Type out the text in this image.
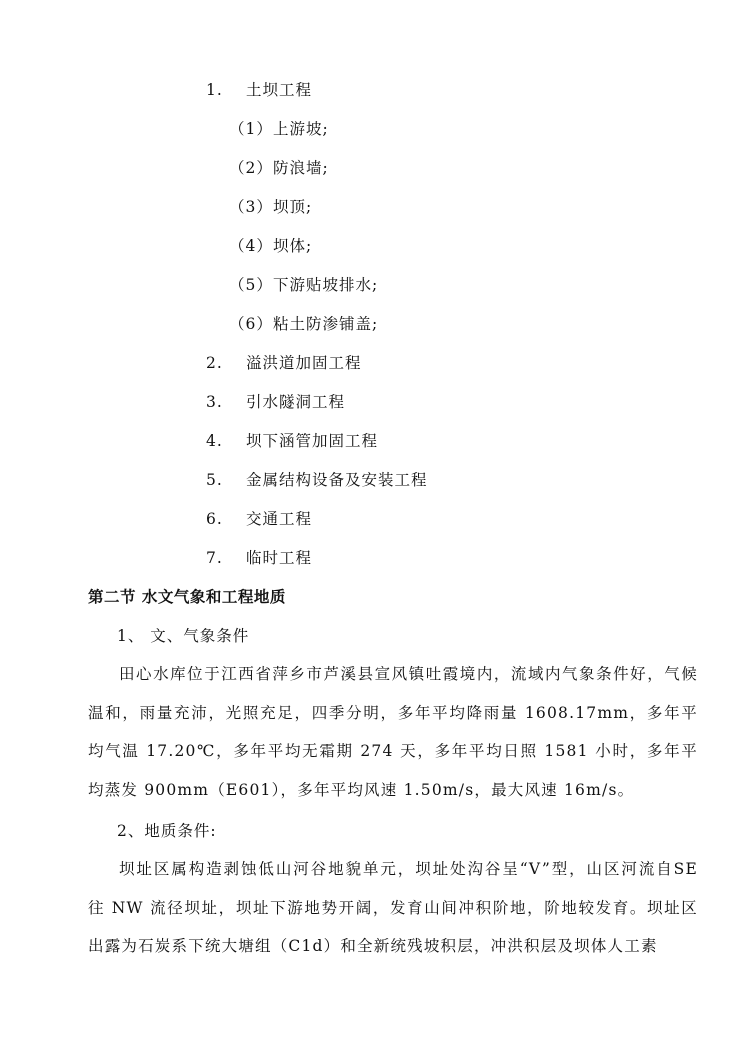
1. 土坝工程
（1）上游坡;
（2）防浪墙;
（3）坝顶;
（4）坝体;
（5）下游贴坡排水;
（6）粘土防渗铺盖;
2. 溢洪道加固工程
3. 引水隧洞工程
4. 坝下涵管加固工程
5. 金属结构设备及安装工程
6. 交通工程
7. 临时工程
第二节 水文气象和工程地质
1、 文、气象条件

田心水库位于江西省萍乡市芦溪县宣风镇吐霞境内，流域内气象条件好，气候温和，雨量充沛，光照充足，四季分明，多年平均降雨量 1608.17mm，多年平均气温 17.20℃，多年平均无霜期 274 天，多年平均日照 1581 小时，多年平均蒸发 900mm（E601），多年平均风速 1.50m/s，最大风速 16m/s。

2、地质条件:

坝址区属构造剥蚀低山河谷地貌单元，坝址处沟谷呈“V”型，山区河流自SE 往 NW 流径坝址，坝址下游地势开阔，发育山间冲积阶地，阶地较发育。坝址区出露为石炭系下统大塘组（C1d）和全新统残坡积层，冲洪积层及坝体人工素
